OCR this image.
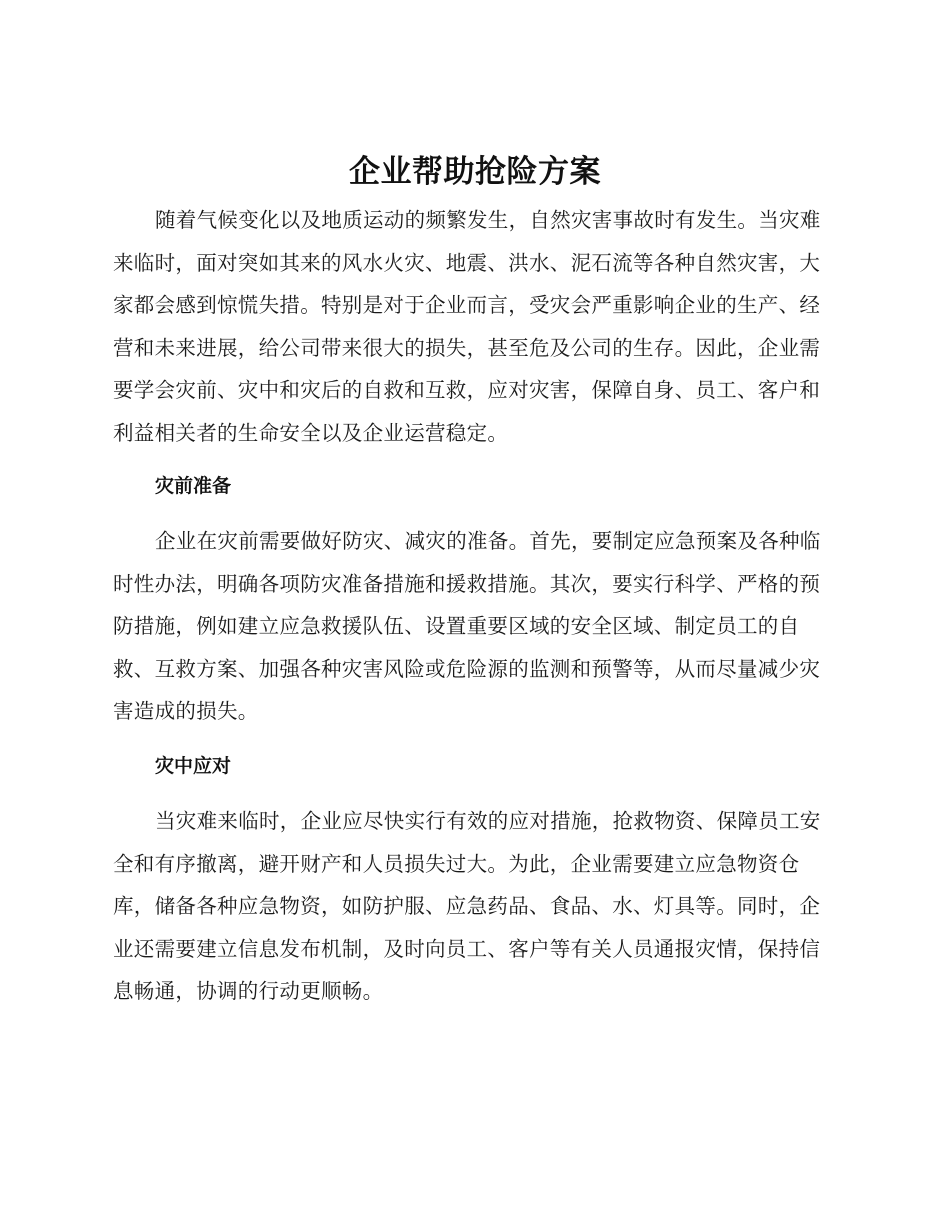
企业帮助抢险方案

随着气候变化以及地质运动的频繁发生，自然灾害事故时有发生。当灾难来临时，面对突如其来的风水火灾、地震、洪水、泥石流等各种自然灾害，大家都会感到惊慌失措。特别是对于企业而言，受灾会严重影响企业的生产、经营和未来进展，给公司带来很大的损失，甚至危及公司的生存。因此，企业需要学会灾前、灾中和灾后的自救和互救，应对灾害，保障自身、员工、客户和利益相关者的生命安全以及企业运营稳定。

灾前准备

企业在灾前需要做好防灾、减灾的准备。首先，要制定应急预案及各种临时性办法，明确各项防灾准备措施和援救措施。其次，要实行科学、严格的预防措施，例如建立应急救援队伍、设置重要区域的安全区域、制定员工的自救、互救方案、加强各种灾害风险或危险源的监测和预警等，从而尽量减少灾害造成的损失。

灾中应对

当灾难来临时，企业应尽快实行有效的应对措施，抢救物资、保障员工安全和有序撤离，避开财产和人员损失过大。为此，企业需要建立应急物资仓库，储备各种应急物资，如防护服、应急药品、食品、水、灯具等。同时，企业还需要建立信息发布机制，及时向员工、客户等有关人员通报灾情，保持信息畅通，协调的行动更顺畅。
